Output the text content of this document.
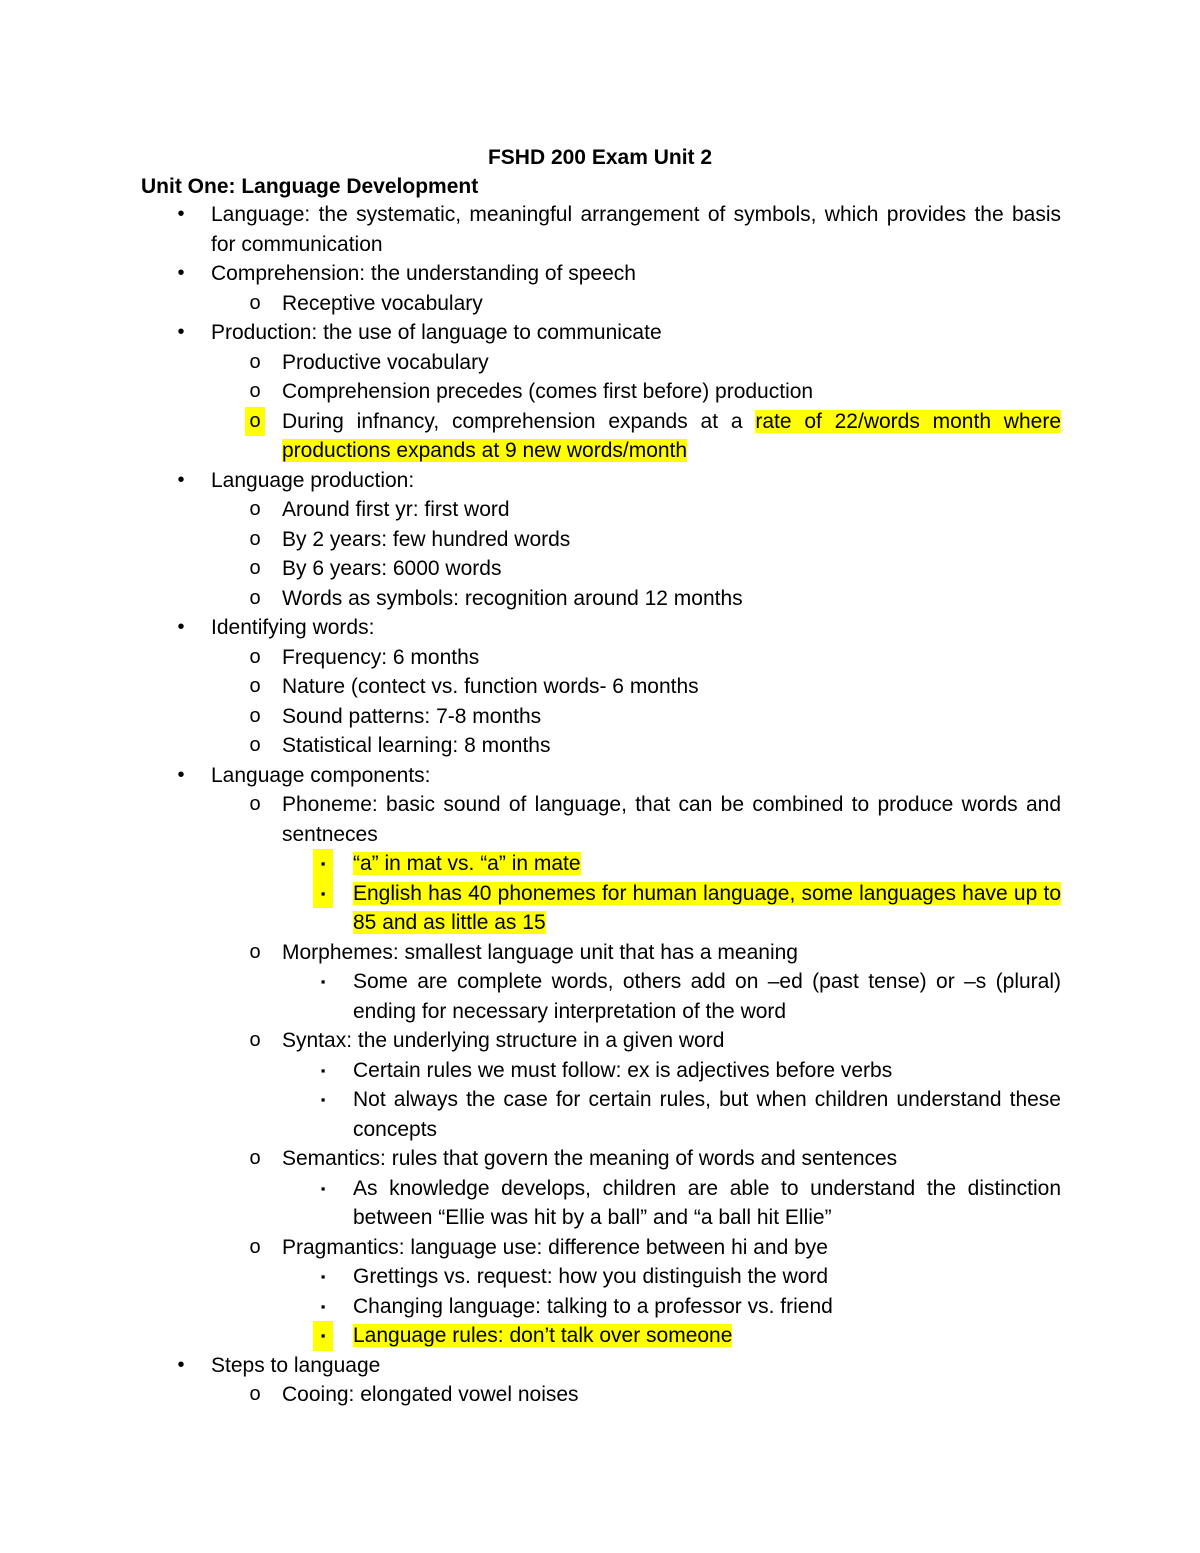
FSHD 200 Exam Unit 2
Unit One: Language Development
•	Language: the systematic, meaningful arrangement of symbols, which provides the basis for communication
•	Comprehension: the understanding of speech
o Receptive vocabulary
•	Production: the use of language to communicate
o Productive vocabulary
o Comprehension precedes (comes first before) production
o During infnancy, comprehension expands at a rate of 22/words month where productions expands at 9 new words/month
•	Language production:
o Around first yr: first word
o By 2 years: few hundred words
o By 6 years: 6000 words
o Words as symbols: recognition around 12 months
•	Identifying words:
o Frequency: 6 months
o Nature (contect vs. function words- 6 months
o Sound patterns: 7-8 months
o Statistical learning: 8 months
•	Language components:
o Phoneme: basic sound of language, that can be combined to produce words and sentneces
▪	“a” in mat vs. “a” in mate
▪	English has 40 phonemes for human language, some languages have up to 85 and as little as 15
o Morphemes: smallest language unit that has a meaning
▪	Some are complete words, others add on –ed (past tense) or –s (plural) ending for necessary interpretation of the word
o Syntax: the underlying structure in a given word
▪	Certain rules we must follow: ex is adjectives before verbs
▪	Not always the case for certain rules, but when children understand these concepts
o Semantics: rules that govern the meaning of words and sentences
▪	As knowledge develops, children are able to understand the distinction between “Ellie was hit by a ball” and “a ball hit Ellie”
o Pragmantics: language use: difference between hi and bye
▪	Grettings vs. request: how you distinguish the word
▪	Changing language: talking to a professor vs. friend
▪	Language rules: don’t talk over someone
•	Steps to language
o Cooing: elongated vowel noises
